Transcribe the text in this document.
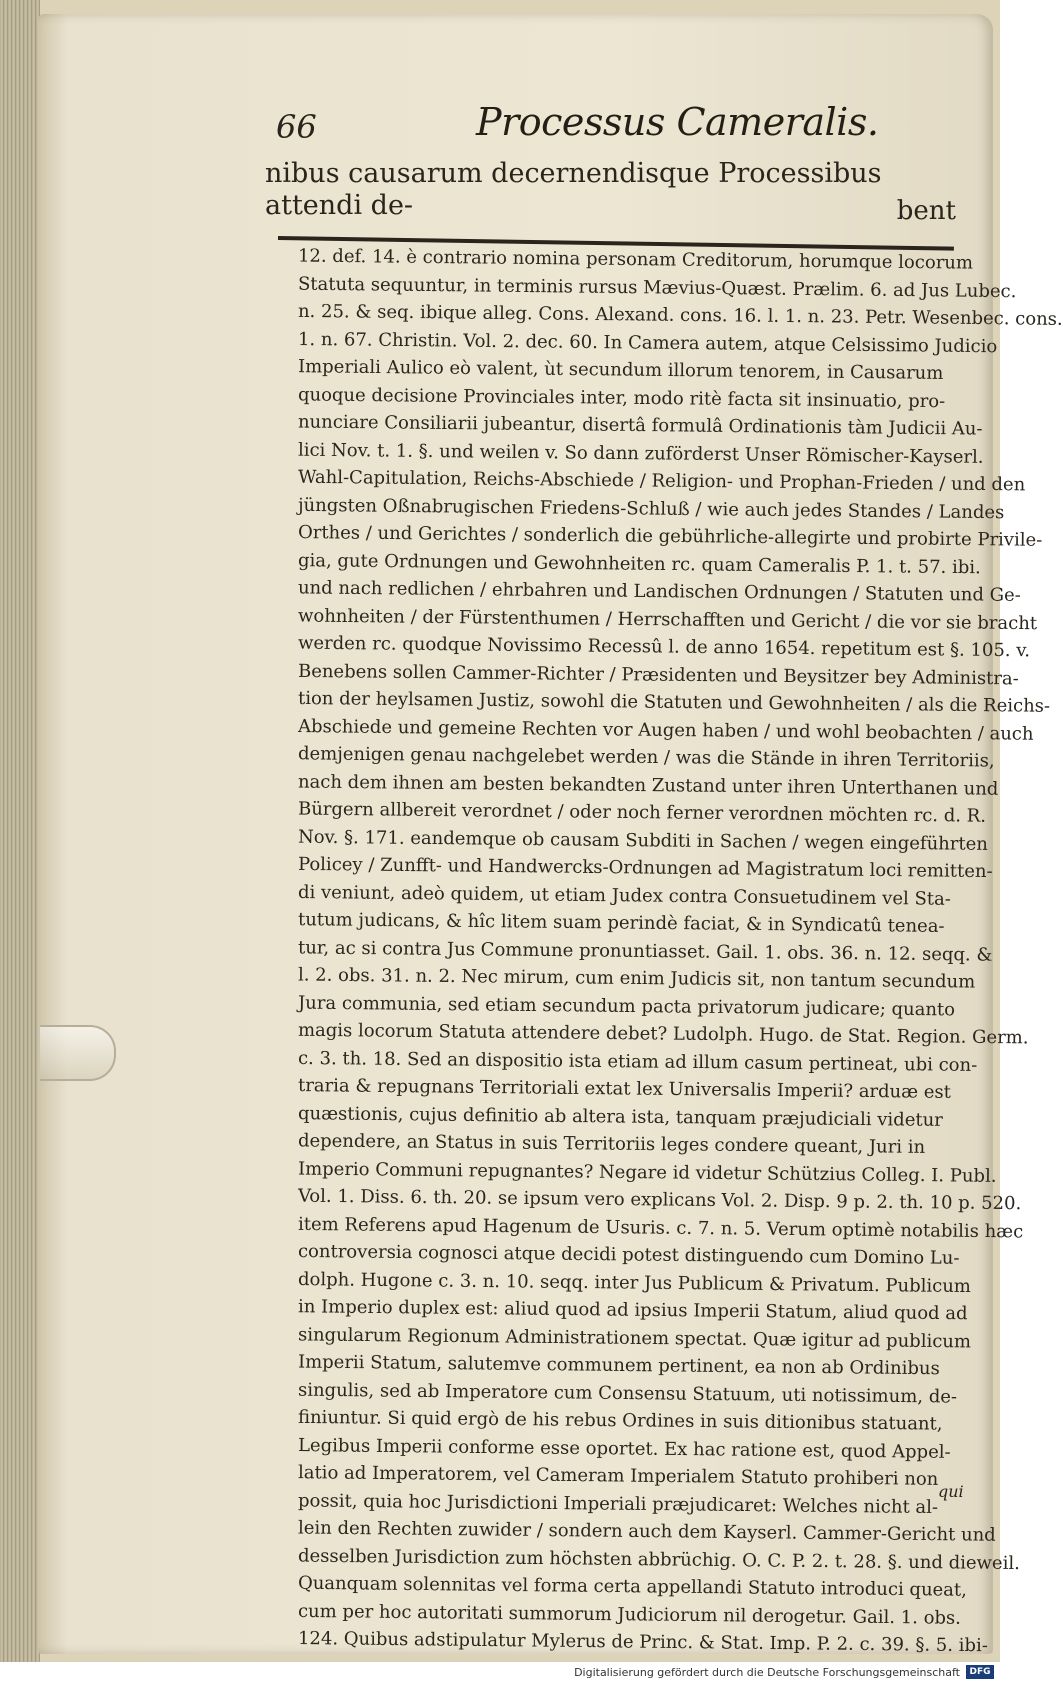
66	Processus Cameralis.
nibus causarum decernendisque Processibus attendi de-	bent
12. def. 14. è contrario nomina personam Creditorum, horumque locorum
Statuta sequuntur, in terminis rursus Mævius-Quæst. Prælim. 6. ad Jus Lubec.
n. 25. & seq. ibique alleg. Cons. Alexand. cons. 16. l. 1. n. 23. Petr. Wesenbec. cons.
1. n. 67. Christin. Vol. 2. dec. 60. In Camera autem, atque Celsissimo Judicio
Imperiali Aulico eò valent, ùt secundum illorum tenorem, in Causarum
quoque decisione Provinciales inter, modo ritè facta sit insinuatio, pro-
nunciare Consiliarii jubeantur, disertâ formulâ Ordinationis tàm Judicii Au-
lici Nov. t. 1. §. und weilen v. So dann zuförderst Unser Römischer-Kayserl.
Wahl-Capitulation, Reichs-Abschiede / Religion- und Prophan-Frieden / und den
jüngsten Oßnabrugischen Friedens-Schluß / wie auch jedes Standes / Landes
Orthes / und Gerichtes / sonderlich die gebührliche-allegirte und probirte Privile-
gia, gute Ordnungen und Gewohnheiten rc. quam Cameralis P. 1. t. 57. ibi.
und nach redlichen / ehrbahren und Landischen Ordnungen / Statuten und Ge-
wohnheiten / der Fürstenthumen / Herrschafften und Gericht / die vor sie bracht
werden rc. quodque Novissimo Recessû l. de anno 1654. repetitum est §. 105. v.
Benebens sollen Cammer-Richter / Præsidenten und Beysitzer bey Administra-
tion der heylsamen Justiz, sowohl die Statuten und Gewohnheiten / als die Reichs-
Abschiede und gemeine Rechten vor Augen haben / und wohl beobachten / auch
demjenigen genau nachgelebet werden / was die Stände in ihren Territoriis,
nach dem ihnen am besten bekandten Zustand unter ihren Unterthanen und
Bürgern allbereit verordnet / oder noch ferner verordnen möchten rc. d. R.
Nov. §. 171. eandemque ob causam Subditi in Sachen / wegen eingeführten
Policey / Zunfft- und Handwercks-Ordnungen ad Magistratum loci remitten-
di veniunt, adeò quidem, ut etiam Judex contra Consuetudinem vel Sta-
tutum judicans, & hîc litem suam perindè faciat, & in Syndicatû tenea-
tur, ac si contra Jus Commune pronuntiasset. Gail. 1. obs. 36. n. 12. seqq. &
l. 2. obs. 31. n. 2. Nec mirum, cum enim Judicis sit, non tantum secundum
Jura communia, sed etiam secundum pacta privatorum judicare; quanto
magis locorum Statuta attendere debet? Ludolph. Hugo. de Stat. Region. Germ.
c. 3. th. 18. Sed an dispositio ista etiam ad illum casum pertineat, ubi con-
traria & repugnans Territoriali extat lex Universalis Imperii? arduæ est
quæstionis, cujus definitio ab altera ista, tanquam præjudiciali videtur
dependere, an Status in suis Territoriis leges condere queant, Juri in
Imperio Communi repugnantes? Negare id videtur Schützius Colleg. I. Publ.
Vol. 1. Diss. 6. th. 20. se ipsum vero explicans Vol. 2. Disp. 9 p. 2. th. 10 p. 520.
item Referens apud Hagenum de Usuris. c. 7. n. 5. Verum optimè notabilis hæc
controversia cognosci atque decidi potest distinguendo cum Domino Lu-
dolph. Hugone c. 3. n. 10. seqq. inter Jus Publicum & Privatum. Publicum
in Imperio duplex est: aliud quod ad ipsius Imperii Statum, aliud quod ad
singularum Regionum Administrationem spectat. Quæ igitur ad publicum
Imperii Statum, salutemve communem pertinent, ea non ab Ordinibus
singulis, sed ab Imperatore cum Consensu Statuum, uti notissimum, de-
finiuntur. Si quid ergò de his rebus Ordines in suis ditionibus statuant,
Legibus Imperii conforme esse oportet. Ex hac ratione est, quod Appel-
latio ad Imperatorem, vel Cameram Imperialem Statuto prohiberi non
possit, quia hoc Jurisdictioni Imperiali præjudicaret: Welches nicht al-
lein den Rechten zuwider / sondern auch dem Kayserl. Cammer-Gericht und
desselben Jurisdiction zum höchsten abbrüchig. O. C. P. 2. t. 28. §. und dieweil.
Quanquam solennitas vel forma certa appellandi Statuto introduci queat,
cum per hoc autoritati summorum Judiciorum nil derogetur. Gail. 1. obs.
124. Quibus adstipulatur Mylerus de Princ. & Stat. Imp. P. 2. c. 39. §. 5. ibi-
qui
Digitalisierung gefördert durch die Deutsche Forschungsgemeinschaft	DFG
